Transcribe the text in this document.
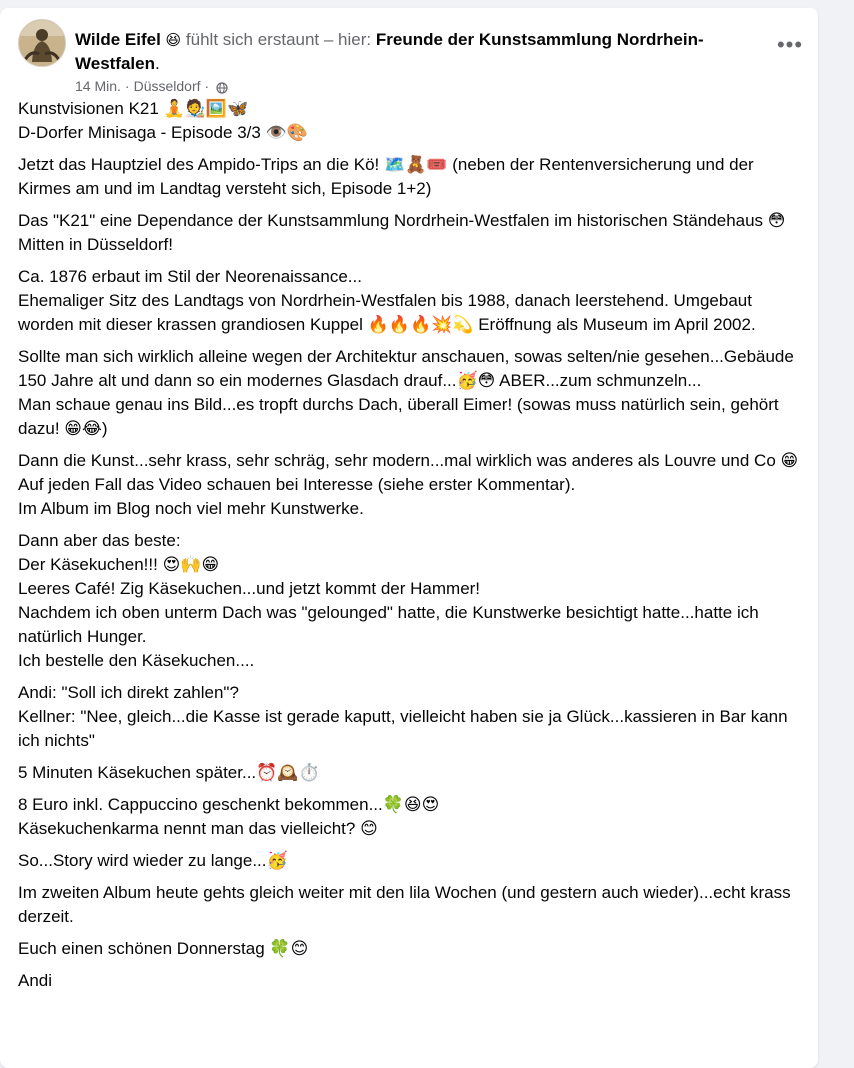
Wilde Eifel 😆 fühlt sich erstaunt – hier: Freunde der Kunstsammlung Nordrhein-Westfalen.
14 Min. · Düsseldorf ·
•••
Kunstvisionen K21 🧘🧑‍🎨🖼️🦋
D-Dorfer Minisaga - Episode 3/3 👁️🎨
Jetzt das Hauptziel des Ampido-Trips an die Kö! 🗺️🧸🎟️ (neben der Rentenversicherung und der Kirmes am und im Landtag versteht sich, Episode 1+2)
Das "K21" eine Dependance der Kunstsammlung Nordrhein-Westfalen im historischen Ständehaus 😳 Mitten in Düsseldorf!
Ca. 1876 erbaut im Stil der Neorenaissance...
Ehemaliger Sitz des Landtags von Nordrhein-Westfalen bis 1988, danach leerstehend. Umgebaut worden mit dieser krassen grandiosen Kuppel 🔥🔥🔥💥💫 Eröffnung als Museum im April 2002.
Sollte man sich wirklich alleine wegen der Architektur anschauen, sowas selten/nie gesehen...Gebäude 150 Jahre alt und dann so ein modernes Glasdach drauf...🥳😳 ABER...zum schmunzeln...
Man schaue genau ins Bild...es tropft durchs Dach, überall Eimer! (sowas muss natürlich sein, gehört dazu! 😁😂)
Dann die Kunst...sehr krass, sehr schräg, sehr modern...mal wirklich was anderes als Louvre und Co 😁
Auf jeden Fall das Video schauen bei Interesse (siehe erster Kommentar).
Im Album im Blog noch viel mehr Kunstwerke.
Dann aber das beste:
Der Käsekuchen!!! 😍🙌😁
Leeres Café! Zig Käsekuchen...und jetzt kommt der Hammer!
Nachdem ich oben unterm Dach was "gelounged" hatte, die Kunstwerke besichtigt hatte...hatte ich natürlich Hunger.
Ich bestelle den Käsekuchen....
Andi: "Soll ich direkt zahlen"?
Kellner: "Nee, gleich...die Kasse ist gerade kaputt, vielleicht haben sie ja Glück...kassieren in Bar kann ich nichts"
5 Minuten Käsekuchen später...⏰🕰️⏱️
8 Euro inkl. Cappuccino geschenkt bekommen...🍀😆😍
Käsekuchenkarma nennt man das vielleicht? 😊
So...Story wird wieder zu lange...🥳
Im zweiten Album heute gehts gleich weiter mit den lila Wochen (und gestern auch wieder)...echt krass derzeit.
Euch einen schönen Donnerstag 🍀😊
Andi
